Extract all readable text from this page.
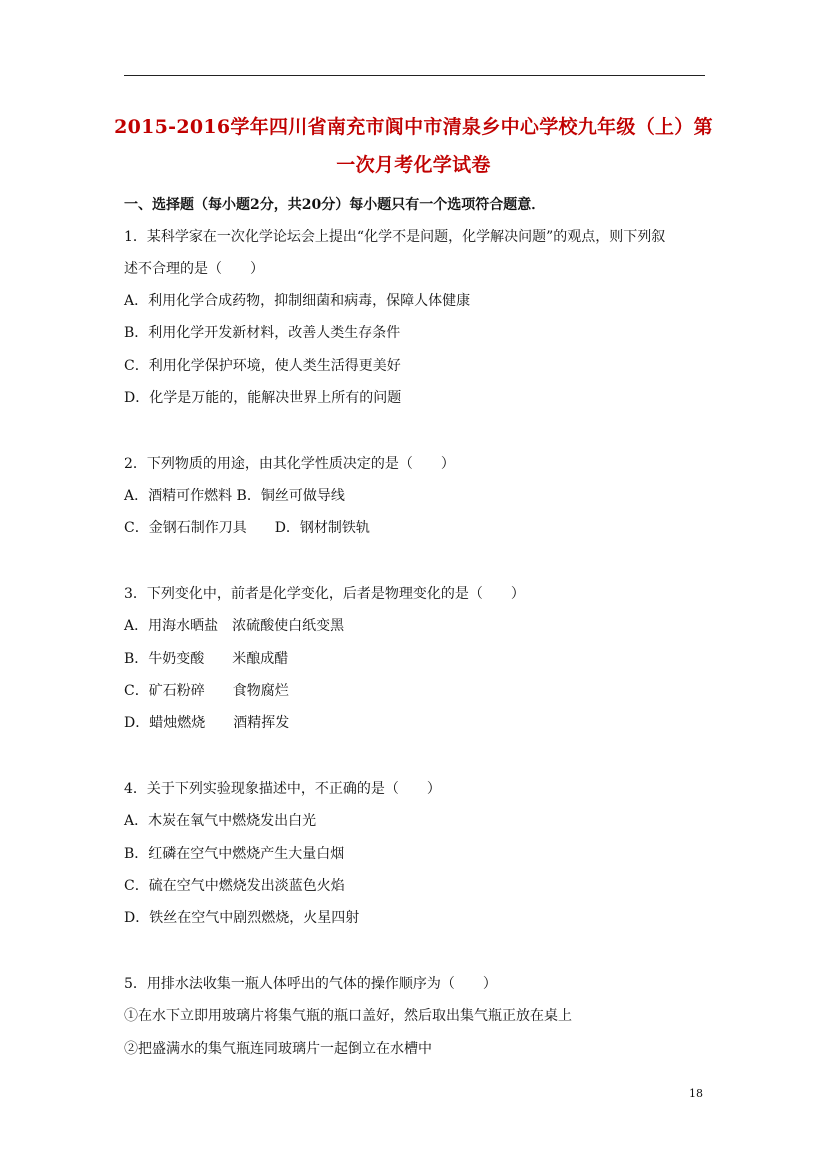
2015-2016学年四川省南充市阆中市清泉乡中心学校九年级（上）第
一次月考化学试卷
一、选择题（每小题2分，共20分）每小题只有一个选项符合题意．
1．某科学家在一次化学论坛会上提出“化学不是问题，化学解决问题”的观点，则下列叙
述不合理的是（　　）
A．利用化学合成药物，抑制细菌和病毒，保障人体健康
B．利用化学开发新材料，改善人类生存条件
C．利用化学保护环境，使人类生活得更美好
D．化学是万能的，能解决世界上所有的问题
2．下列物质的用途，由其化学性质决定的是（　　）
A．酒精可作燃料 B．铜丝可做导线
C．金钢石制作刀具　　D．钢材制铁轨
3．下列变化中，前者是化学变化，后者是物理变化的是（　　）
A．用海水晒盐　浓硫酸使白纸变黑
B．牛奶变酸　　米酿成醋
C．矿石粉碎　　食物腐烂
D．蜡烛燃烧　　酒精挥发
4．关于下列实验现象描述中，不正确的是（　　）
A．木炭在氧气中燃烧发出白光
B．红磷在空气中燃烧产生大量白烟
C．硫在空气中燃烧发出淡蓝色火焰
D．铁丝在空气中剧烈燃烧，火星四射
5．用排水法收集一瓶人体呼出的气体的操作顺序为（　　）
①在水下立即用玻璃片将集气瓶的瓶口盖好，然后取出集气瓶正放在桌上
②把盛满水的集气瓶连同玻璃片一起倒立在水槽中
18
